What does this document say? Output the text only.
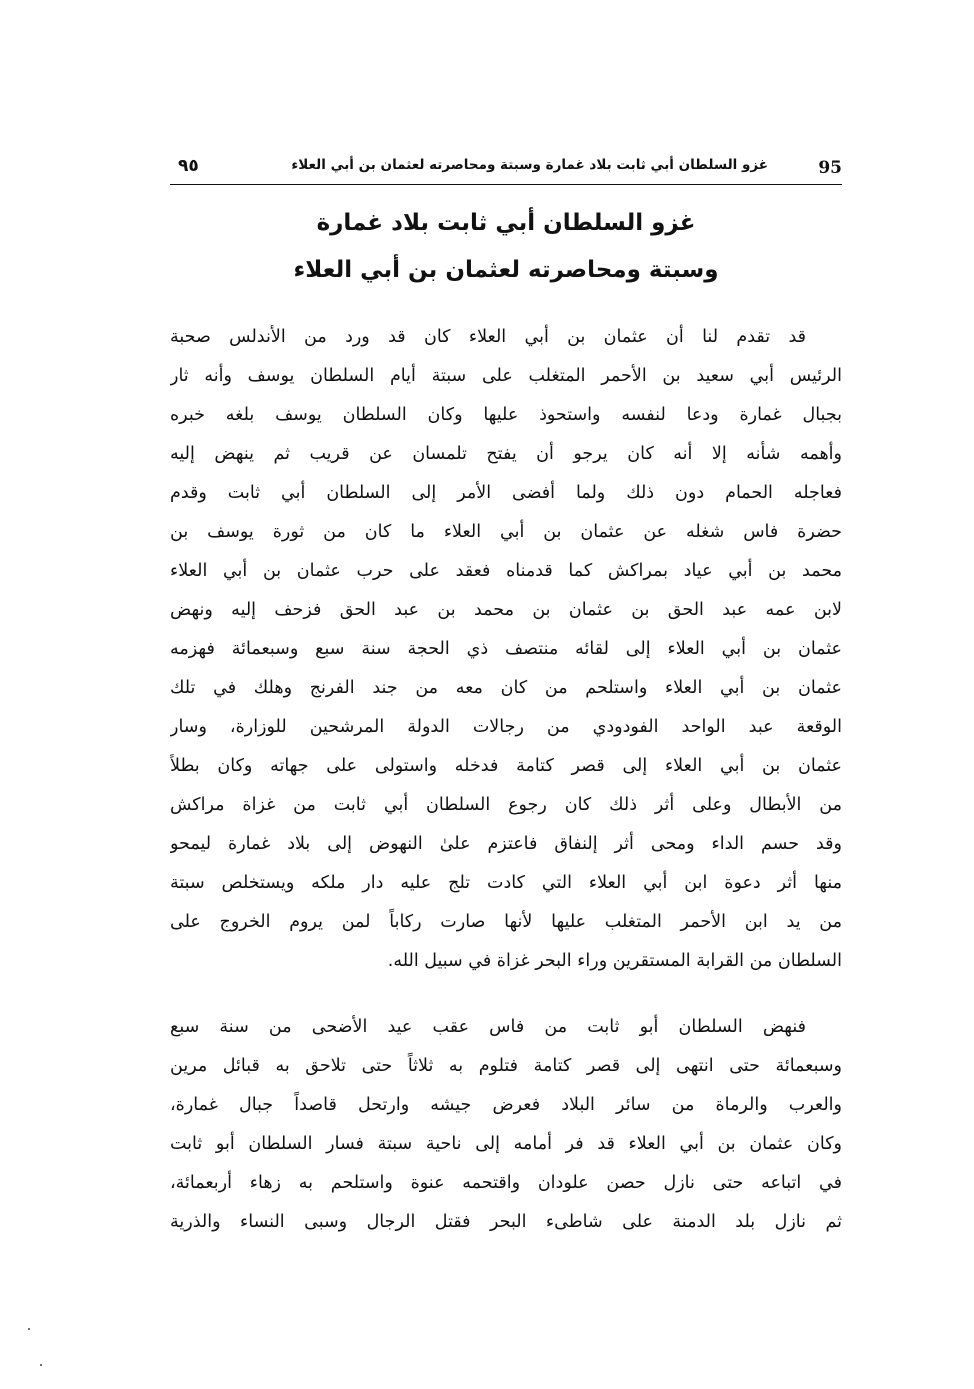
95
غزو السلطان أبي ثابت بلاد غمارة وسبتة ومحاصرته لعثمان بن أبي العلاء
٩٥
غزو السلطان أبي ثابت بلاد غمارة
وسبتة ومحاصرته لعثمان بن أبي العلاء
قد تقدم لنا أن عثمان بن أبي العلاء كان قد ورد من الأندلس صحبة
الرئيس أبي سعيد بن الأحمر المتغلب على سبتة أيام السلطان يوسف وأنه ثار
بجبال غمارة ودعا لنفسه واستحوذ عليها وكان السلطان يوسف بلغه خبره
وأهمه شأنه إلا أنه كان يرجو أن يفتح تلمسان عن قريب ثم ينهض إليه
فعاجله الحمام دون ذلك ولما أفضى الأمر إلى السلطان أبي ثابت وقدم
حضرة فاس شغله عن عثمان بن أبي العلاء ما كان من ثورة يوسف بن
محمد بن أبي عياد بمراكش كما قدمناه فعقد على حرب عثمان بن أبي العلاء
لابن عمه عبد الحق بن عثمان بن محمد بن عبد الحق فزحف إليه ونهض
عثمان بن أبي العلاء إلى لقائه منتصف ذي الحجة سنة سبع وسبعمائة فهزمه
عثمان بن أبي العلاء واستلحم من كان معه من جند الفرنج وهلك في تلك
الوقعة عبد الواحد الفودودي من رجالات الدولة المرشحين للوزارة، وسار
عثمان بن أبي العلاء إلى قصر كتامة فدخله واستولى على جهاته وكان بطلاً
من الأبطال وعلى أثر ذلك كان رجوع السلطان أبي ثابت من غزاة مراكش
وقد حسم الداء ومحى أثر إلنفاق فاعتزم علىٰ النهوض إلى بلاد غمارة ليمحو
منها أثر دعوة ابن أبي العلاء التي كادت تلج عليه دار ملكه ويستخلص سبتة
من يد ابن الأحمر المتغلب عليها لأنها صارت ركاباً لمن يروم الخروج على
السلطان من القرابة المستقرين وراء البحر غزاة في سبيل الله.
فنهض السلطان أبو ثابت من فاس عقب عيد الأضحى من سنة سبع
وسبعمائة حتى انتهى إلى قصر كتامة فتلوم به ثلاثاً حتى تلاحق به قبائل مرين
والعرب والرماة من سائر البلاد فعرض جيشه وارتحل قاصداً جبال غمارة،
وكان عثمان بن أبي العلاء قد فر أمامه إلى ناحية سبتة فسار السلطان أبو ثابت
في اتباعه حتى نازل حصن علودان واقتحمه عنوة واستلحم به زهاء أربعمائة،
ثم نازل بلد الدمنة على شاطىء البحر فقتل الرجال وسبى النساء والذرية
